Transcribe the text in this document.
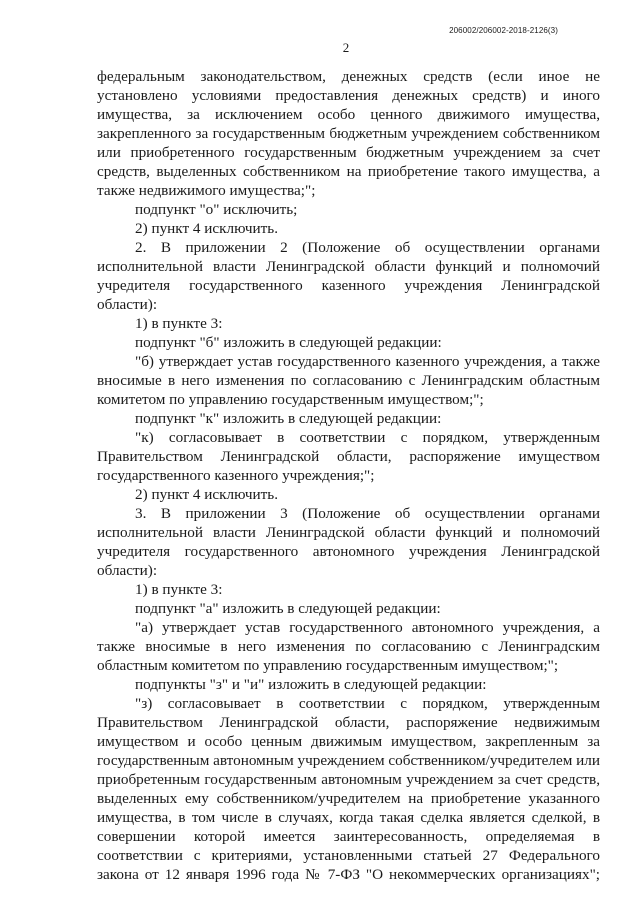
206002/206002-2018-2126(3)
2

федеральным законодательством, денежных средств (если иное не установлено условиями предоставления денежных средств) и иного имущества, за исключением особо ценного движимого имущества, закрепленного за государственным бюджетным учреждением собственником или приобретенного государственным бюджетным учреждением за счет средств, выделенных собственником на приобретение такого имущества, а также недвижимого имущества;";

подпункт "о" исключить;

2) пункт 4 исключить.

2. В приложении 2 (Положение об осуществлении органами исполнительной власти Ленинградской области функций и полномочий учредителя государственного казенного учреждения Ленинградской области):

1) в пункте 3:

подпункт "б" изложить в следующей редакции:

"б) утверждает устав государственного казенного учреждения, а также вносимые в него изменения по согласованию с Ленинградским областным комитетом по управлению государственным имуществом;";

подпункт "к" изложить в следующей редакции:

"к) согласовывает в соответствии с порядком, утвержденным Правительством Ленинградской области, распоряжение имуществом государственного казенного учреждения;";

2) пункт 4 исключить.

3. В приложении 3 (Положение об осуществлении органами исполнительной власти Ленинградской области функций и полномочий учредителя государственного автономного учреждения Ленинградской области):

1) в пункте 3:

подпункт "а" изложить в следующей редакции:

"а) утверждает устав государственного автономного учреждения, а также вносимые в него изменения по согласованию с Ленинградским областным комитетом по управлению государственным имуществом;";

подпункты "з" и "и" изложить в следующей редакции:

"з) согласовывает в соответствии с порядком, утвержденным Правительством Ленинградской области, распоряжение недвижимым имуществом и особо ценным движимым имуществом, закрепленным за государственным автономным учреждением собственником/учредителем или приобретенным государственным автономным учреждением за счет средств, выделенных ему собственником/учредителем на приобретение указанного имущества, в том числе в случаях, когда такая сделка является сделкой, в совершении которой имеется заинтересованность, определяемая в соответствии с критериями, установленными статьей 27 Федерального закона от 12 января 1996 года № 7-ФЗ "О некоммерческих организациях";
